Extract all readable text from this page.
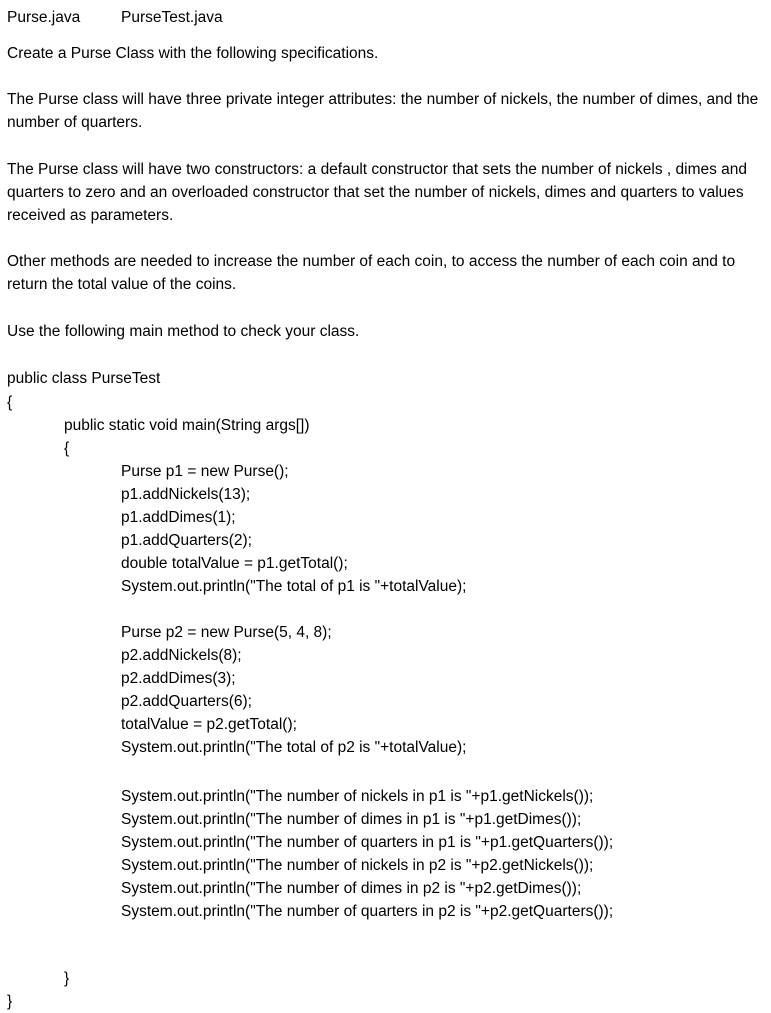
Purse.java	PurseTest.java

Create a Purse Class with the following specifications.

The Purse class will have three private integer attributes: the number of nickels, the number of dimes, and the number of quarters.

The Purse class will have two constructors: a default constructor that sets the number of nickels , dimes and quarters to zero and an overloaded constructor that set the number of nickels, dimes and quarters to values received as parameters.

Other methods are needed to increase the number of each coin, to access the number of each coin and to return the total value of the coins.

Use the following main method to check your class.

public class PurseTest
{
public static void main(String args[])
{
Purse p1 = new Purse();
p1.addNickels(13);
p1.addDimes(1);
p1.addQuarters(2);
double totalValue = p1.getTotal();
System.out.println("The total of p1 is "+totalValue);
Purse p2 = new Purse(5, 4, 8);
p2.addNickels(8);
p2.addDimes(3);
p2.addQuarters(6);
totalValue = p2.getTotal();
System.out.println("The total of p2 is "+totalValue);
System.out.println("The number of nickels in p1 is "+p1.getNickels());
System.out.println("The number of dimes in p1 is "+p1.getDimes());
System.out.println("The number of quarters in p1 is "+p1.getQuarters());
System.out.println("The number of nickels in p2 is "+p2.getNickels());
System.out.println("The number of dimes in p2 is "+p2.getDimes());
System.out.println("The number of quarters in p2 is "+p2.getQuarters());
}
}
